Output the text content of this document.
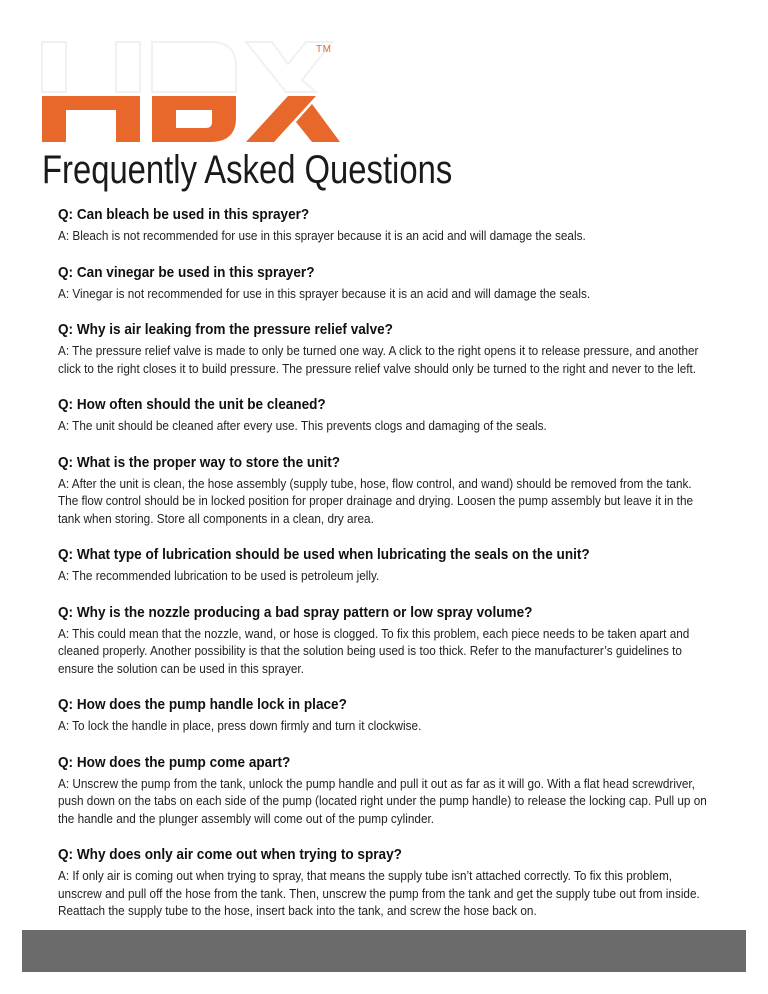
TM
Frequently Asked Questions

Q: Can bleach be used in this sprayer?

A: Bleach is not recommended for use in this sprayer because it is an acid and will damage the seals.

Q: Can vinegar be used in this sprayer?

A: Vinegar is not recommended for use in this sprayer because it is an acid and will damage the seals.

Q: Why is air leaking from the pressure relief valve?

A: The pressure relief valve is made to only be turned one way. A click to the right opens it to release pressure, and another click to the right closes it to build pressure. The pressure relief valve should only be turned to the right and never to the left.

Q: How often should the unit be cleaned?

A: The unit should be cleaned after every use. This prevents clogs and damaging of the seals.

Q: What is the proper way to store the unit?

A: After the unit is clean, the hose assembly (supply tube, hose, flow control, and wand) should be removed from the tank. The flow control should be in locked position for proper drainage and drying. Loosen the pump assembly but leave it in the tank when storing. Store all components in a clean, dry area.

Q: What type of lubrication should be used when lubricating the seals on the unit?

A: The recommended lubrication to be used is petroleum jelly.

Q: Why is the nozzle producing a bad spray pattern or low spray volume?

A: This could mean that the nozzle, wand, or hose is clogged. To fix this problem, each piece needs to be taken apart and cleaned properly. Another possibility is that the solution being used is too thick. Refer to the manufacturer’s guidelines to ensure the solution can be used in this sprayer.

Q: How does the pump handle lock in place?

A: To lock the handle in place, press down firmly and turn it clockwise.

Q: How does the pump come apart?

A: Unscrew the pump from the tank, unlock the pump handle and pull it out as far as it will go. With a flat head screwdriver, push down on the tabs on each side of the pump (located right under the pump handle) to release the locking cap. Pull up on the handle and the plunger assembly will come out of the pump cylinder.

Q: Why does only air come out when trying to spray?

A: If only air is coming out when trying to spray, that means the supply tube isn’t attached correctly. To fix this problem, unscrew and pull off the hose from the tank. Then, unscrew the pump from the tank and get the supply tube out from inside. Reattach the supply tube to the hose, insert back into the tank, and screw the hose back on.
